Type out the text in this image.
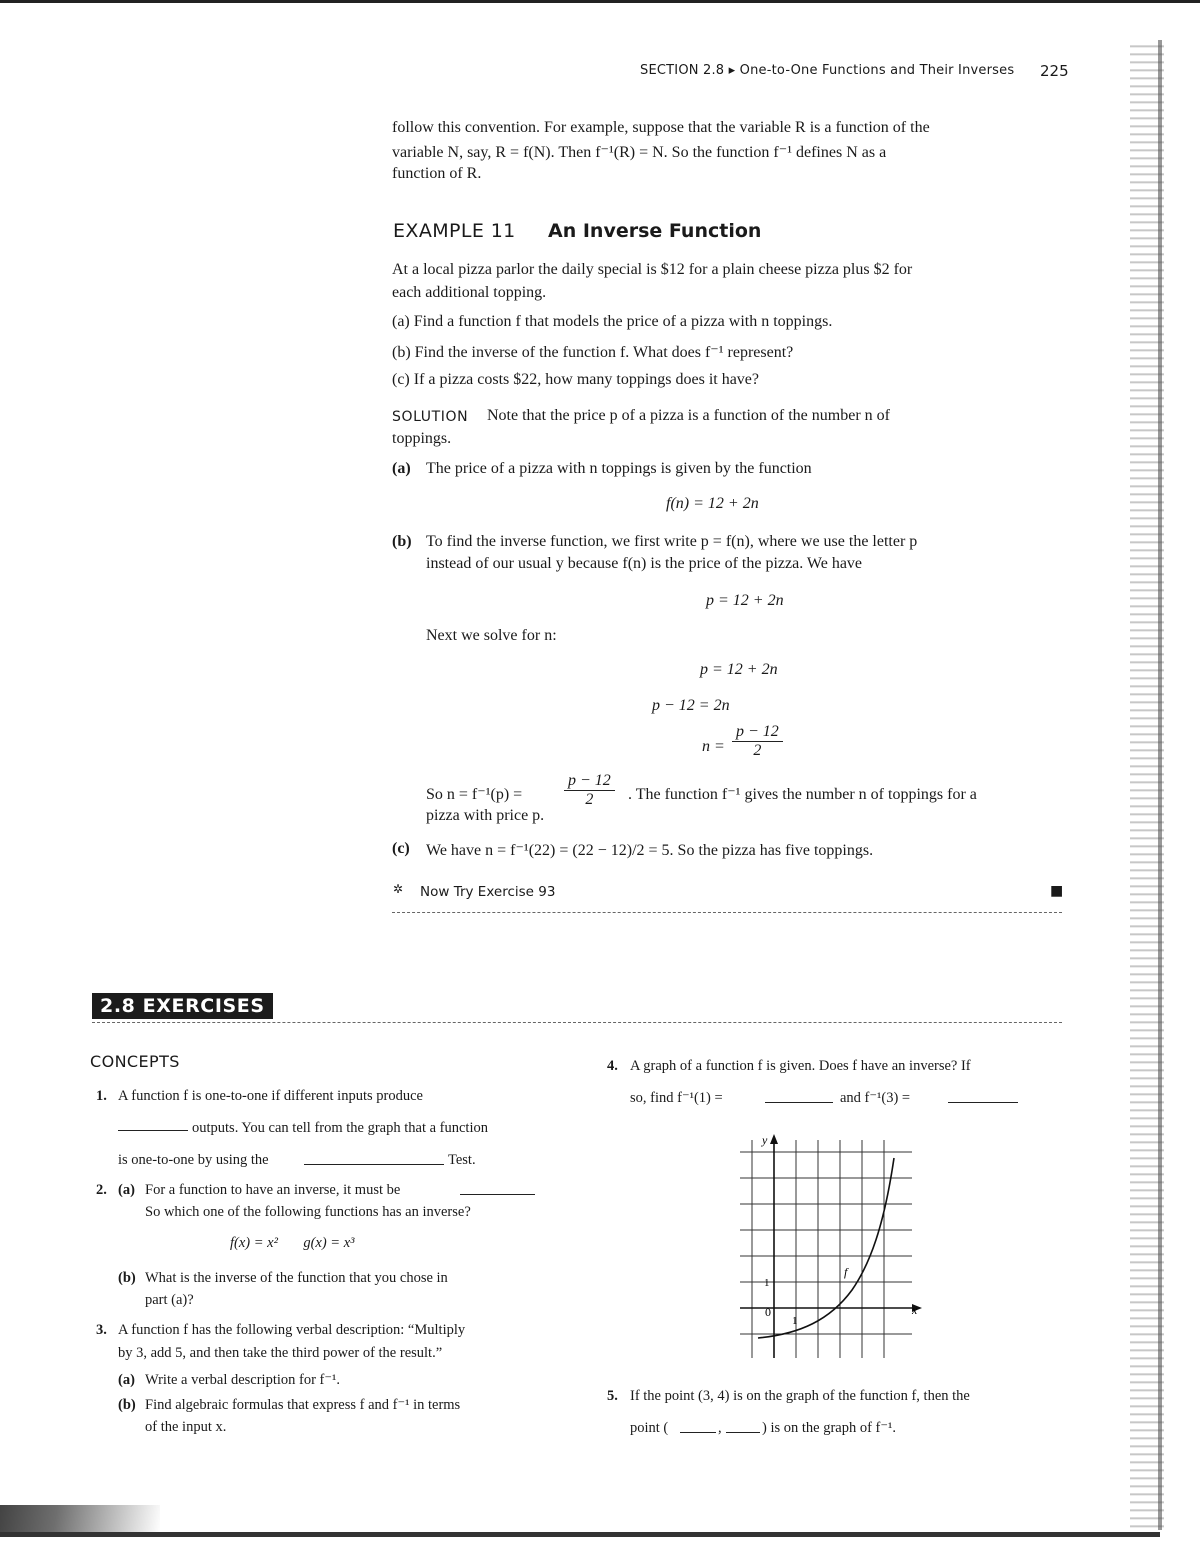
SECTION 2.8 ▸ One-to-One Functions and Their Inverses 225
follow this convention. For example, suppose that the variable R is a function of the
variable N, say, R = f(N). Then f⁻¹(R) = N. So the function f⁻¹ defines N as a
function of R.
EXAMPLE 11 An Inverse Function
At a local pizza parlor the daily special is $12 for a plain cheese pizza plus $2 for
each additional topping.
(a) Find a function f that models the price of a pizza with n toppings.
(b) Find the inverse of the function f. What does f⁻¹ represent?
(c) If a pizza costs $22, how many toppings does it have?
SOLUTION Note that the price p of a pizza is a function of the number n of
toppings.
(a) The price of a pizza with n toppings is given by the function
f(n) = 12 + 2n
(b) To find the inverse function, we first write p = f(n), where we use the letter p
instead of our usual y because f(n) is the price of the pizza. We have
p = 12 + 2n
Next we solve for n:
p = 12 + 2n
p − 12 = 2n
$n = \frac{p - 12}{2}$
So n = f⁻¹(p) =	$\frac{p - 12}{2}$ . The function f⁻¹ gives the number n of toppings for a
pizza with price p.
(c) We have n = f⁻¹(22) = (22 − 12)/2 = 5. So the pizza has five toppings.
✲ Now Try Exercise 93	■
2.8 EXERCISES
CONCEPTS
1. A function f is one-to-one if different inputs produce
outputs. You can tell from the graph that a function
is one-to-one by using the	Test.
2. (a) For a function to have an inverse, it must be
So which one of the following functions has an inverse?
f(x) = x²       g(x) = x³
(b) What is the inverse of the function that you chose in
part (a)?
3. A function f has the following verbal description: “Multiply
by 3, add 5, and then take the third power of the result.”
(a) Write a verbal description for f⁻¹.
(b) Find algebraic formulas that express f and f⁻¹ in terms
of the input x.
4. A graph of a function f is given. Does f have an inverse? If
so, find f⁻¹(1) =	and f⁻¹(3) =
y
x
0
1
1
f
5. If the point (3, 4) is on the graph of the function f, then the
point (	,	) is on the graph of f⁻¹.
